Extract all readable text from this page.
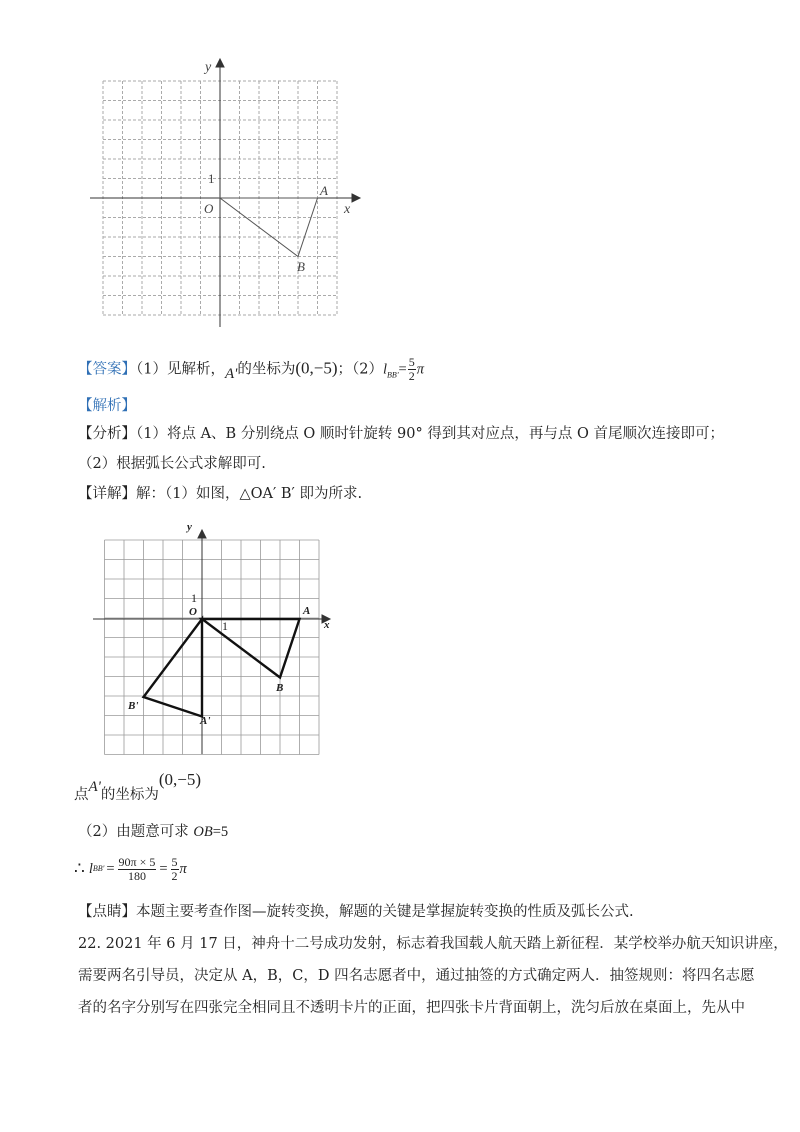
y
x
O
1
A
B
【答案】（1）见解析，A'的坐标为(0,−5)；$(2)l_{BB'}= \frac{5}{2}$ π
【解析】
【分析】（1）将点 A、B 分别绕点 O 顺时针旋转 90° 得到其对应点，再与点 O 首尾顺次连接即可；
（2）根据弧长公式求解即可.
【详解】解：（1）如图，△OA′ B′ 即为所求.
y
x
O
1
1
A
B
A'
B'
点A'的坐标为(0,−5)
（2）由题意可求 OB=5
∴ l $BB' = \frac{90\pi \times 5}{180} = \frac{5}{2}$ π
【点睛】本题主要考查作图—旋转变换，解题的关键是掌握旋转变换的性质及弧长公式.
22. 2021 年 6 月 17 日，神舟十二号成功发射，标志着我国载人航天踏上新征程．某学校举办航天知识讲座，
需要两名引导员，决定从 A，B，C，D 四名志愿者中，通过抽签的方式确定两人．抽签规则：将四名志愿
者的名字分别写在四张完全相同且不透明卡片的正面，把四张卡片背面朝上，洗匀后放在桌面上，先从中
